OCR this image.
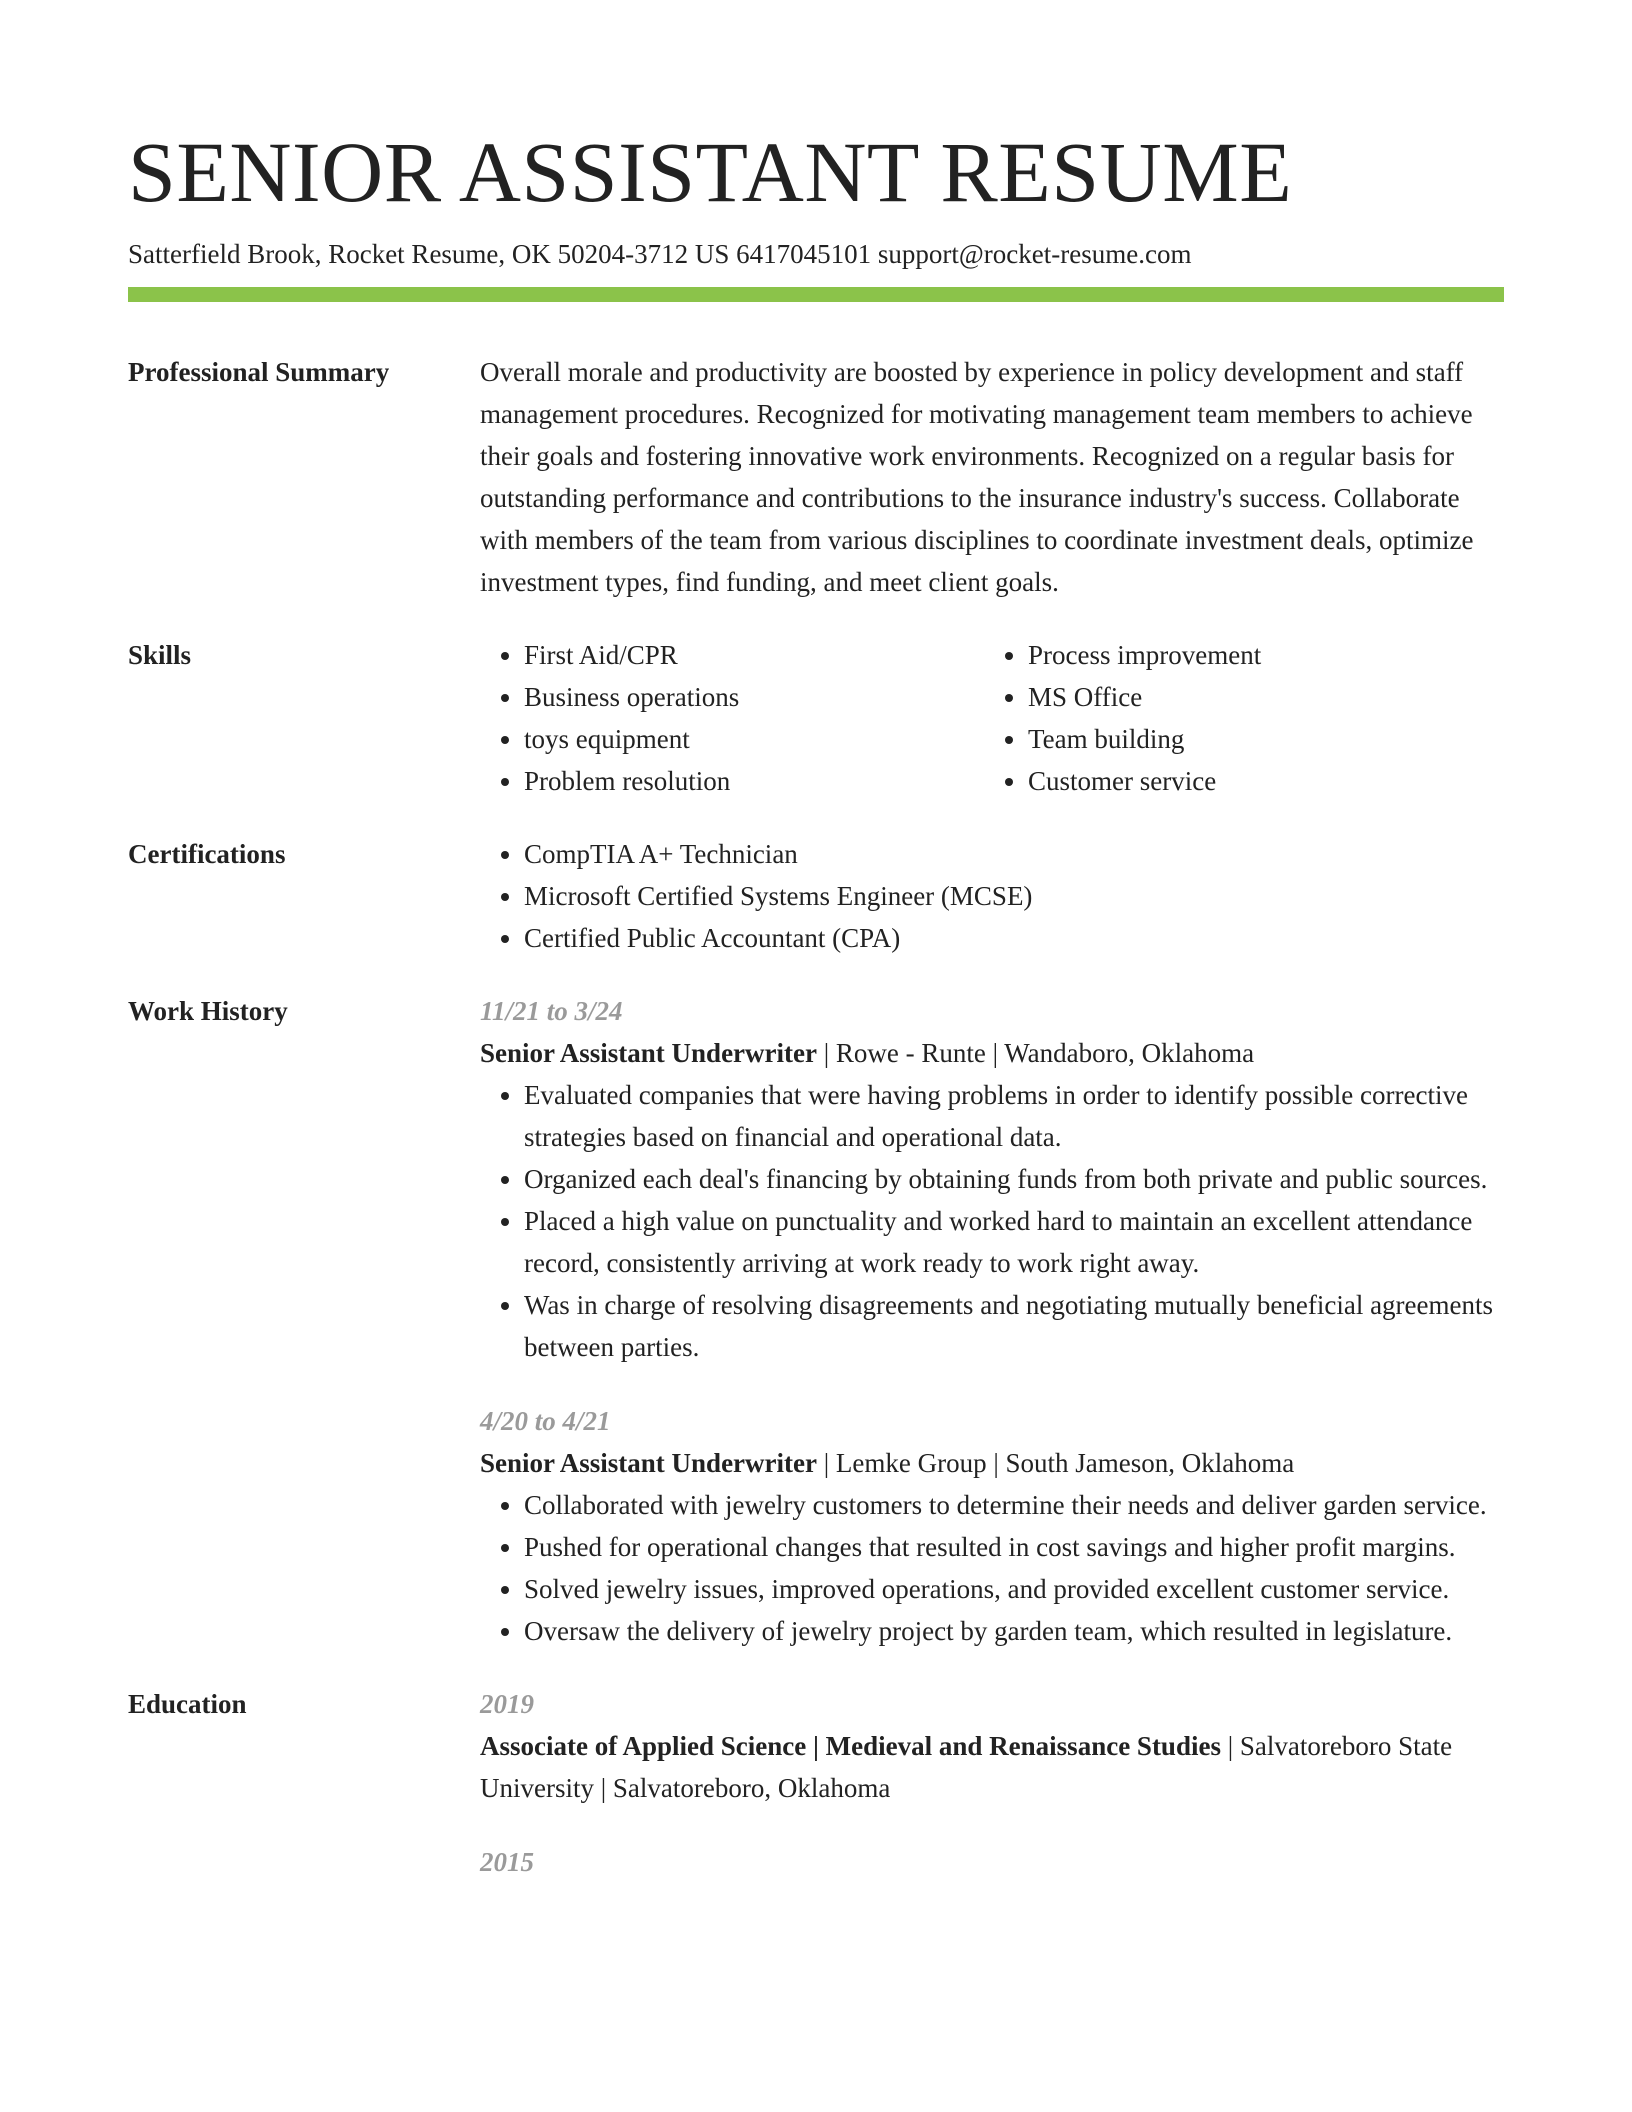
SENIOR ASSISTANT RESUME
Satterfield Brook, Rocket Resume, OK 50204-3712 US 6417045101 support@rocket-resume.com
Professional Summary	Overall morale and productivity are boosted by experience in policy development and staff management procedures. Recognized for motivating management team members to achieve their goals and fostering innovative work environments. Recognized on a regular basis for outstanding performance and contributions to the insurance industry's success. Collaborate with members of the team from various disciplines to coordinate investment deals, optimize investment types, find funding, and meet client goals.
Skills	• First Aid/CPR
• Business operations
• toys equipment
• Problem resolution
• Process improvement
• MS Office
• Team building
• Customer service
Certifications	• CompTIA A+ Technician
• Microsoft Certified Systems Engineer (MCSE)
• Certified Public Accountant (CPA)
Work History	11/21 to 3/24
Senior Assistant Underwriter | Rowe - Runte | Wandaboro, Oklahoma
• Evaluated companies that were having problems in order to identify possible corrective strategies based on financial and operational data.
• Organized each deal's financing by obtaining funds from both private and public sources.
• Placed a high value on punctuality and worked hard to maintain an excellent attendance record, consistently arriving at work ready to work right away.
• Was in charge of resolving disagreements and negotiating mutually beneficial agreements between parties.
4/20 to 4/21
Senior Assistant Underwriter | Lemke Group | South Jameson, Oklahoma
• Collaborated with jewelry customers to determine their needs and deliver garden service.
• Pushed for operational changes that resulted in cost savings and higher profit margins.
• Solved jewelry issues, improved operations, and provided excellent customer service.
• Oversaw the delivery of jewelry project by garden team, which resulted in legislature.
Education	2019
Associate of Applied Science | Medieval and Renaissance Studies | Salvatoreboro State University | Salvatoreboro, Oklahoma
2015
